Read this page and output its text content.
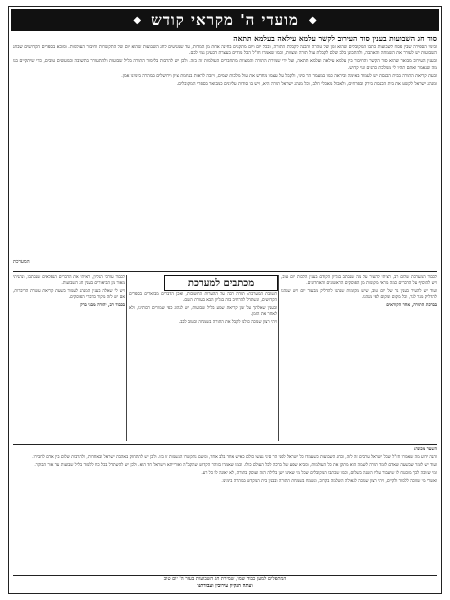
◆
מועדי ה' מקראי קודש
◆
סוד חג השבועות בענין סוד העירוב לקשר עלמא עילאה בעלמא תתאה

ובימי הספירה שבין פסח לשבועות כתבו המקובלים שהוא זמן של טהרה והכנה לקבלת התורה, ובכל יום ויום מתקנים בחינה אחת מן המדות, עד שמגיעים לחג השבועות שהוא יום של התקשרות וחיבור העולמות. ומובא בספרים הקדושים שבחג השבועות יש לעורר את השמחה והאהבה, ולהתכונן בלב שלם לקבלת עול תורה ומצוות, וכמו שאמרו חז"ל הכל מודים בעצרת דבעינן נמי לכם.

ובענין העירוב מבואר שהוא סוד הקשר והחיבור בין עלמא עילאה ועלמא תתאה, ועל ידי שמירת התורה והמצוות מתחברים העולמות זה בזה. ולכן יש להרבות בלימוד התורה בליל שבועות ולהתעורר בתשובה ובמעשים טובים, כדי שיתקיים בנו מה שנאמר ואתם תהיו לי ממלכת כהנים וגוי קדוש.

ובעת קריאת התורה בבית הכנסת יש לעמוד באימה וביראה כמו במעמד הר סיני, ולקבל על עצמו מחדש את עול מלכות שמים, ויזכה לראות בנחמת ציון וירושלים במהרה בימינו אמן.

ומנהג ישראל לקשט את בית הכנסת בירק ובפרחים, ולאכול מאכלי חלב, וכל מנהג ישראל תורה היא, ויש בו סודות עליונים כמבואר בספרי המקובלים.

המערכת

לכבוד המערכת שלום רב, רציתי להעיר על מה שנכתב בגליון הקודם בענין הלכות יום טוב, ויש להוסיף על הדברים כמה מראי מקומות מן הפוסקים הראשונים והאחרונים.

ועוד יש להעיר בענין נר של יום טוב, שיש מקומות שנהגו להדליק מבעוד יום ויש שנהגו להדליק מנר לנר, וכל מקום ומקום לפי מנהגו.

בברכת התורה, אחד הקוראים

מכתבים למערכת

תשובת המערכת: תודה רבה על ההערות החשובות, ואכן הדברים מבוארים בספרים הקדושים, ונשתדל להרחיב בזה בגליון הבא בעזרת השם.

ובענין שאלתך על זמן קריאת שמע בליל שבועות, יש לנהוג כפי שמורים רבותינו, ולא לאחר את הזמן.

ויהי רצון שנזכה כולנו לקבל את התורה בשמחה ובטוב לבב.

לכבוד עורכי הגליון, ראיתי את הדברים הנפלאים שנכתבו, ונהניתי מאוד מן הביאורים בענין חג השבועות.

ויש לי שאלה בענין המנהג לעמוד בשעת קריאת עשרת הדיברות, אם יש לזה מקור בדברי הפוסקים.

בכבוד רב, יהודה מבני ברק

השער מכונה:

והנה ידוע מה שאמרו חז"ל שכל ישראל ערבים זה לזה, ובחג השבועות כשעמדו כל ישראל לפני הר סיני נעשו כולם כאיש אחד בלב אחד, ומשם נתקשרו הנשמות זו בזו. ולכן יש להתחזק באהבת ישראל ובאחדות, ולהרבות שלום בין אדם לחבירו.

ועוד יש לומר שבשעה שאדם לומד תורה לשמה הוא מתקן את כל העולמות, ומביא שפע של ברכה לכל העולם כולו. וכמו שאמרו בזוהר הקדוש שהקב"ה ואורייתא וישראל חד הוא. ולכן יש להשתדל בכל כח ללמוד בליל שבועות עד אור הבוקר.

ומי שזוכה לכך מובטח לו שיעבור עליו השנה בשלום, וכמו שכתבו המקובלים שכל מי שאינו ישן בלילה הזה ועוסק בתורה, לא יאונה לו כל רע.

ואשרי מי שזוכה ללמוד ולקיים, ויהי רצון שנזכה לגאולה השלמה בקרוב, ונשמח בשמחת התורה ובבנין בית המקדש במהרה בימינו.

המתפלים למען כבוד שמו, שמירת חג השבועות בעזר ה' יום טוב
ועתה הנקיון עירובין ועבודתנו
